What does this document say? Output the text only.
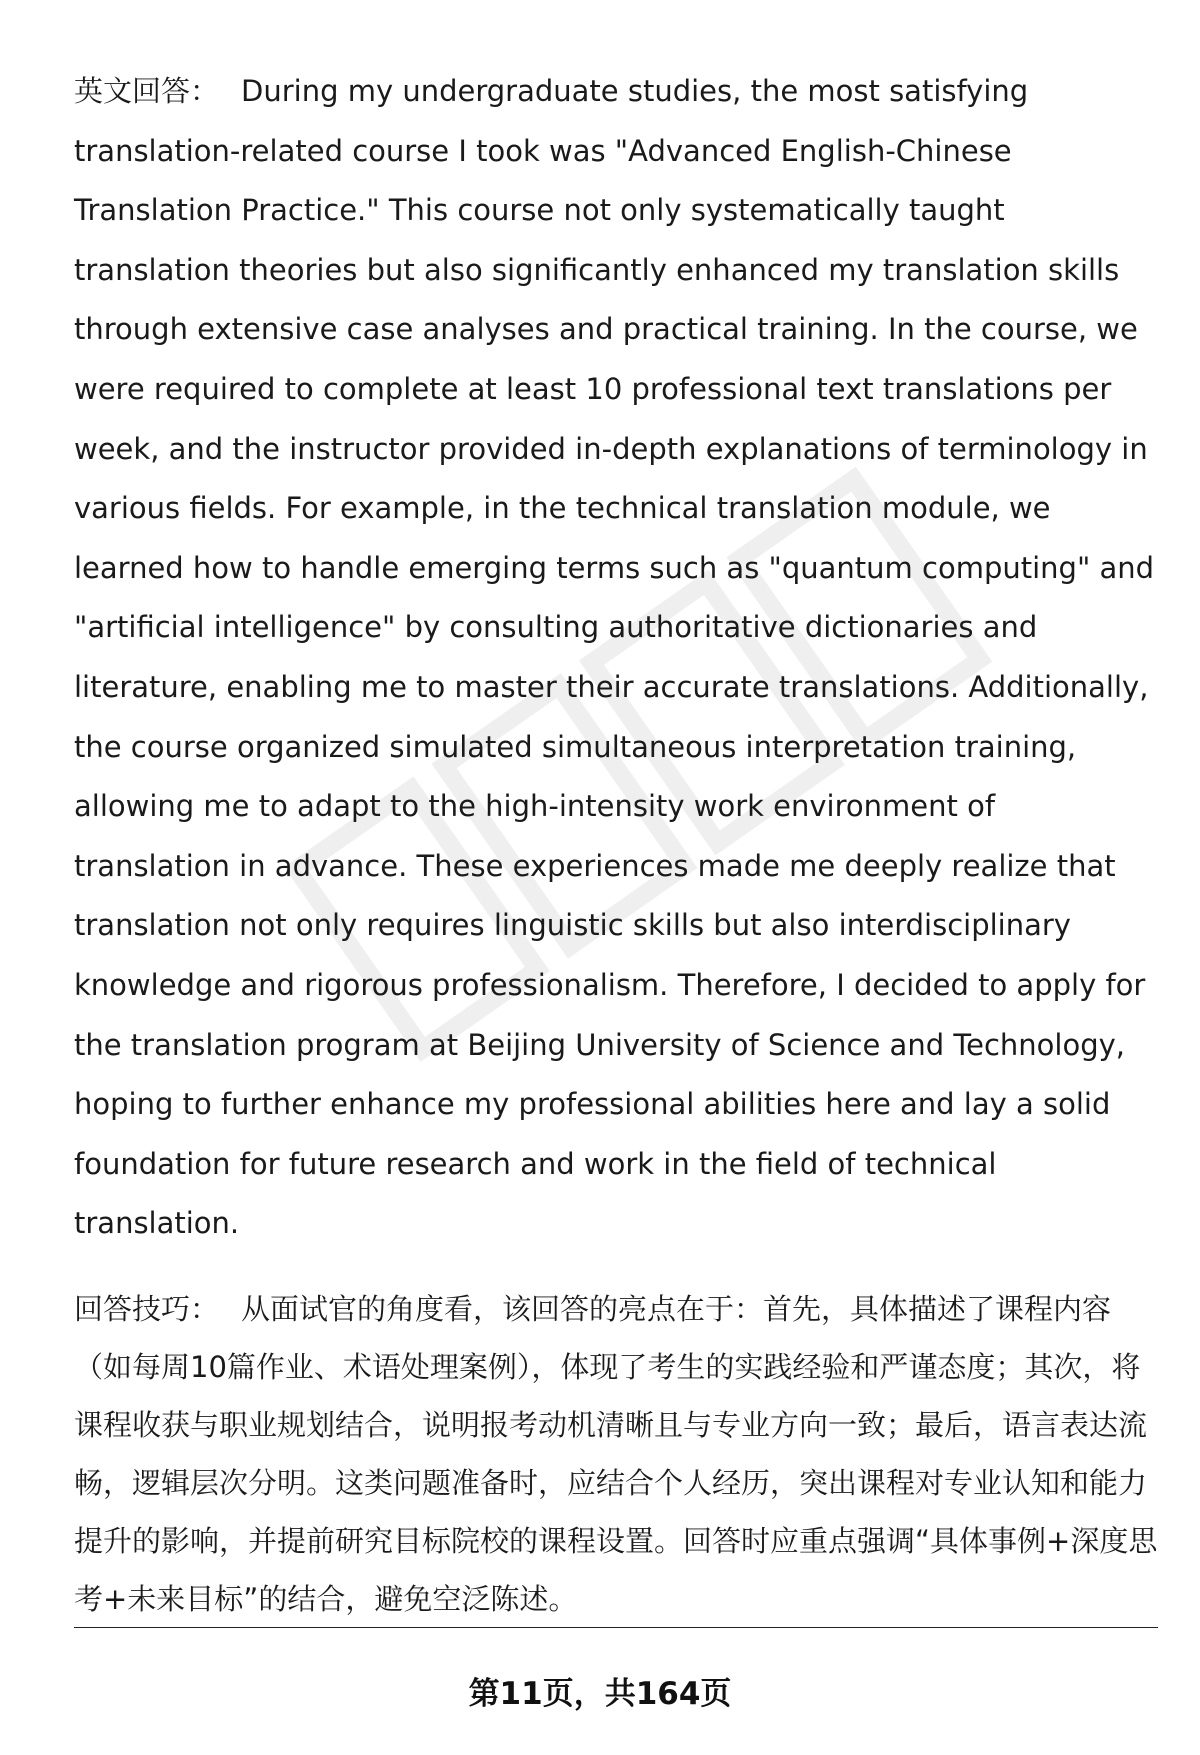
英文回答： During my undergraduate studies, the most satisfying translation-related course I took was "Advanced English-Chinese Translation Practice." This course not only systematically taught translation theories but also significantly enhanced my translation skills through extensive case analyses and practical training. In the course, we were required to complete at least 10 professional text translations per week, and the instructor provided in-depth explanations of terminology in various fields. For example, in the technical translation module, we learned how to handle emerging terms such as "quantum computing" and "artificial intelligence" by consulting authoritative dictionaries and literature, enabling me to master their accurate translations. Additionally, the course organized simulated simultaneous interpretation training, allowing me to adapt to the high-intensity work environment of translation in advance. These experiences made me deeply realize that translation not only requires linguistic skills but also interdisciplinary knowledge and rigorous professionalism. Therefore, I decided to apply for the translation program at Beijing University of Science and Technology, hoping to further enhance my professional abilities here and lay a solid foundation for future research and work in the field of technical translation.

回答技巧： 从面试官的角度看，该回答的亮点在于：首先，具体描述了课程内容（如每周10篇作业、术语处理案例），体现了考生的实践经验和严谨态度；其次，将课程收获与职业规划结合，说明报考动机清晰且与专业方向一致；最后，语言表达流畅，逻辑层次分明。这类问题准备时，应结合个人经历，突出课程对专业认知和能力提升的影响，并提前研究目标院校的课程设置。回答时应重点强调“具体事例+深度思考+未来目标”的结合，避免空泛陈述。

第11页，共164页
